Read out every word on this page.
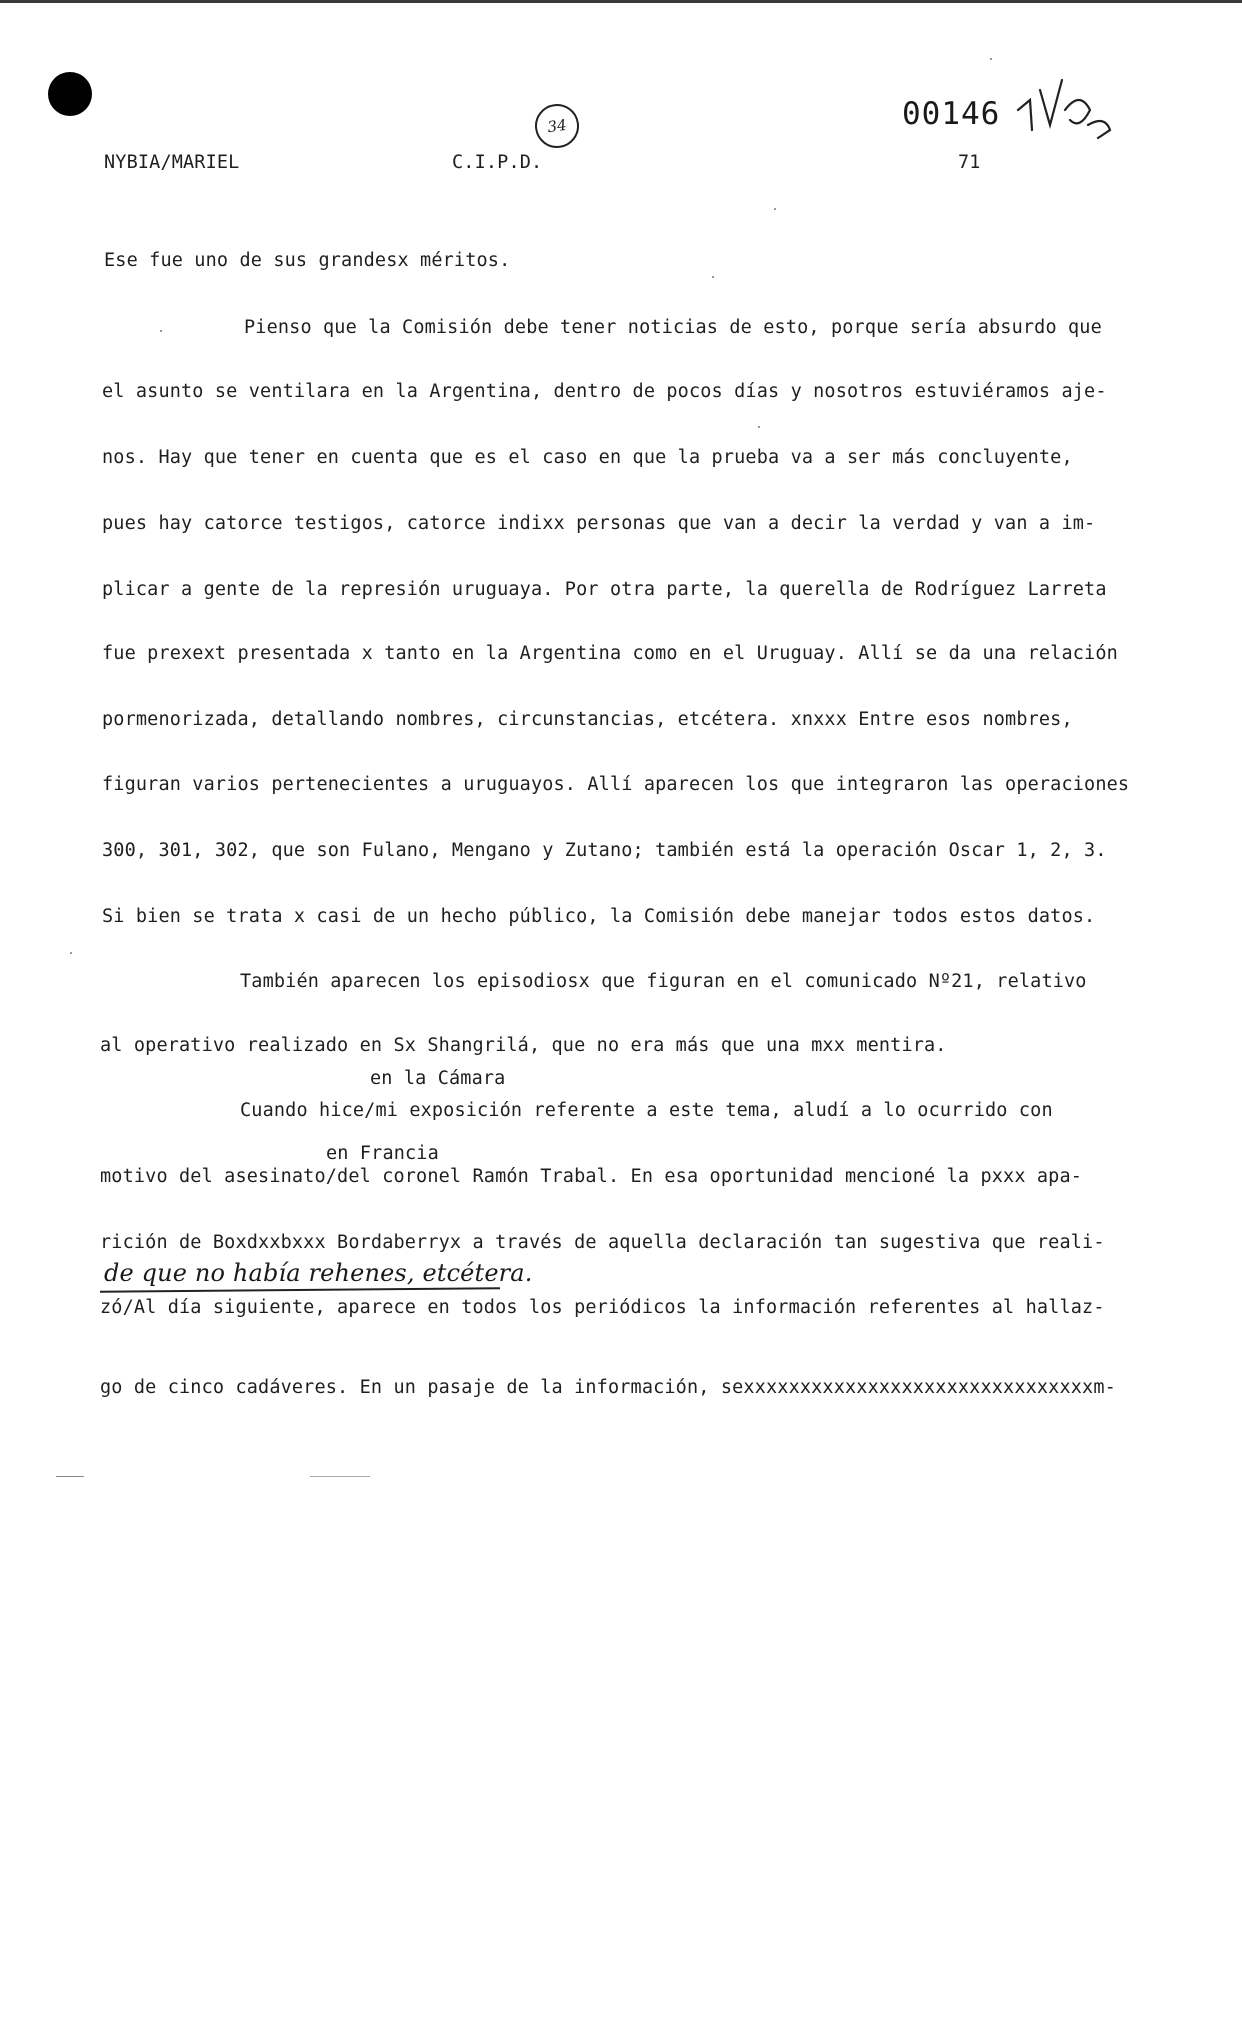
NYBIA/MARIEL	C.I.P.D.
34	00146
71
Ese fue uno de sus grandesx méritos.
Pienso que la Comisión debe tener noticias de esto, porque sería absurdo que
el asunto se ventilara en la Argentina, dentro de pocos días y nosotros estuviéramos aje-
nos. Hay que tener en cuenta que es el caso en que la prueba va a ser más concluyente,
pues hay catorce testigos, catorce indixx personas que van a decir la verdad y van a im-
plicar a gente de la represión uruguaya. Por otra parte, la querella de Rodríguez Larreta
fue prexext presentada x tanto en la Argentina como en el Uruguay. Allí se da una relación
pormenorizada, detallando nombres, circunstancias, etcétera. xnxxx Entre esos nombres,
figuran varios pertenecientes a uruguayos. Allí aparecen los que integraron las operaciones
300, 301, 302, que son Fulano, Mengano y Zutano; también está la operación Oscar 1, 2, 3.
Si bien se trata x casi de un hecho público, la Comisión debe manejar todos estos datos.
También aparecen los episodiosx que figuran en el comunicado Nº21, relativo
al operativo realizado en Sx Shangrilá, que no era más que una mxx mentira.
en la Cámara
Cuando hice/mi exposición referente a este tema, aludí a lo ocurrido con
en Francia
motivo del asesinato/del coronel Ramón Trabal. En esa oportunidad mencioné la pxxx apa-
rición de Boxdxxbxxx Bordaberryx a través de aquella declaración tan sugestiva que reali-
de que no había rehenes, etcétera.
zó/Al día siguiente, aparece en todos los periódicos la información referentes al hallaz-
go de cinco cadáveres. En un pasaje de la información, sexxxxxxxxxxxxxxxxxxxxxxxxxxxxxxxm-
